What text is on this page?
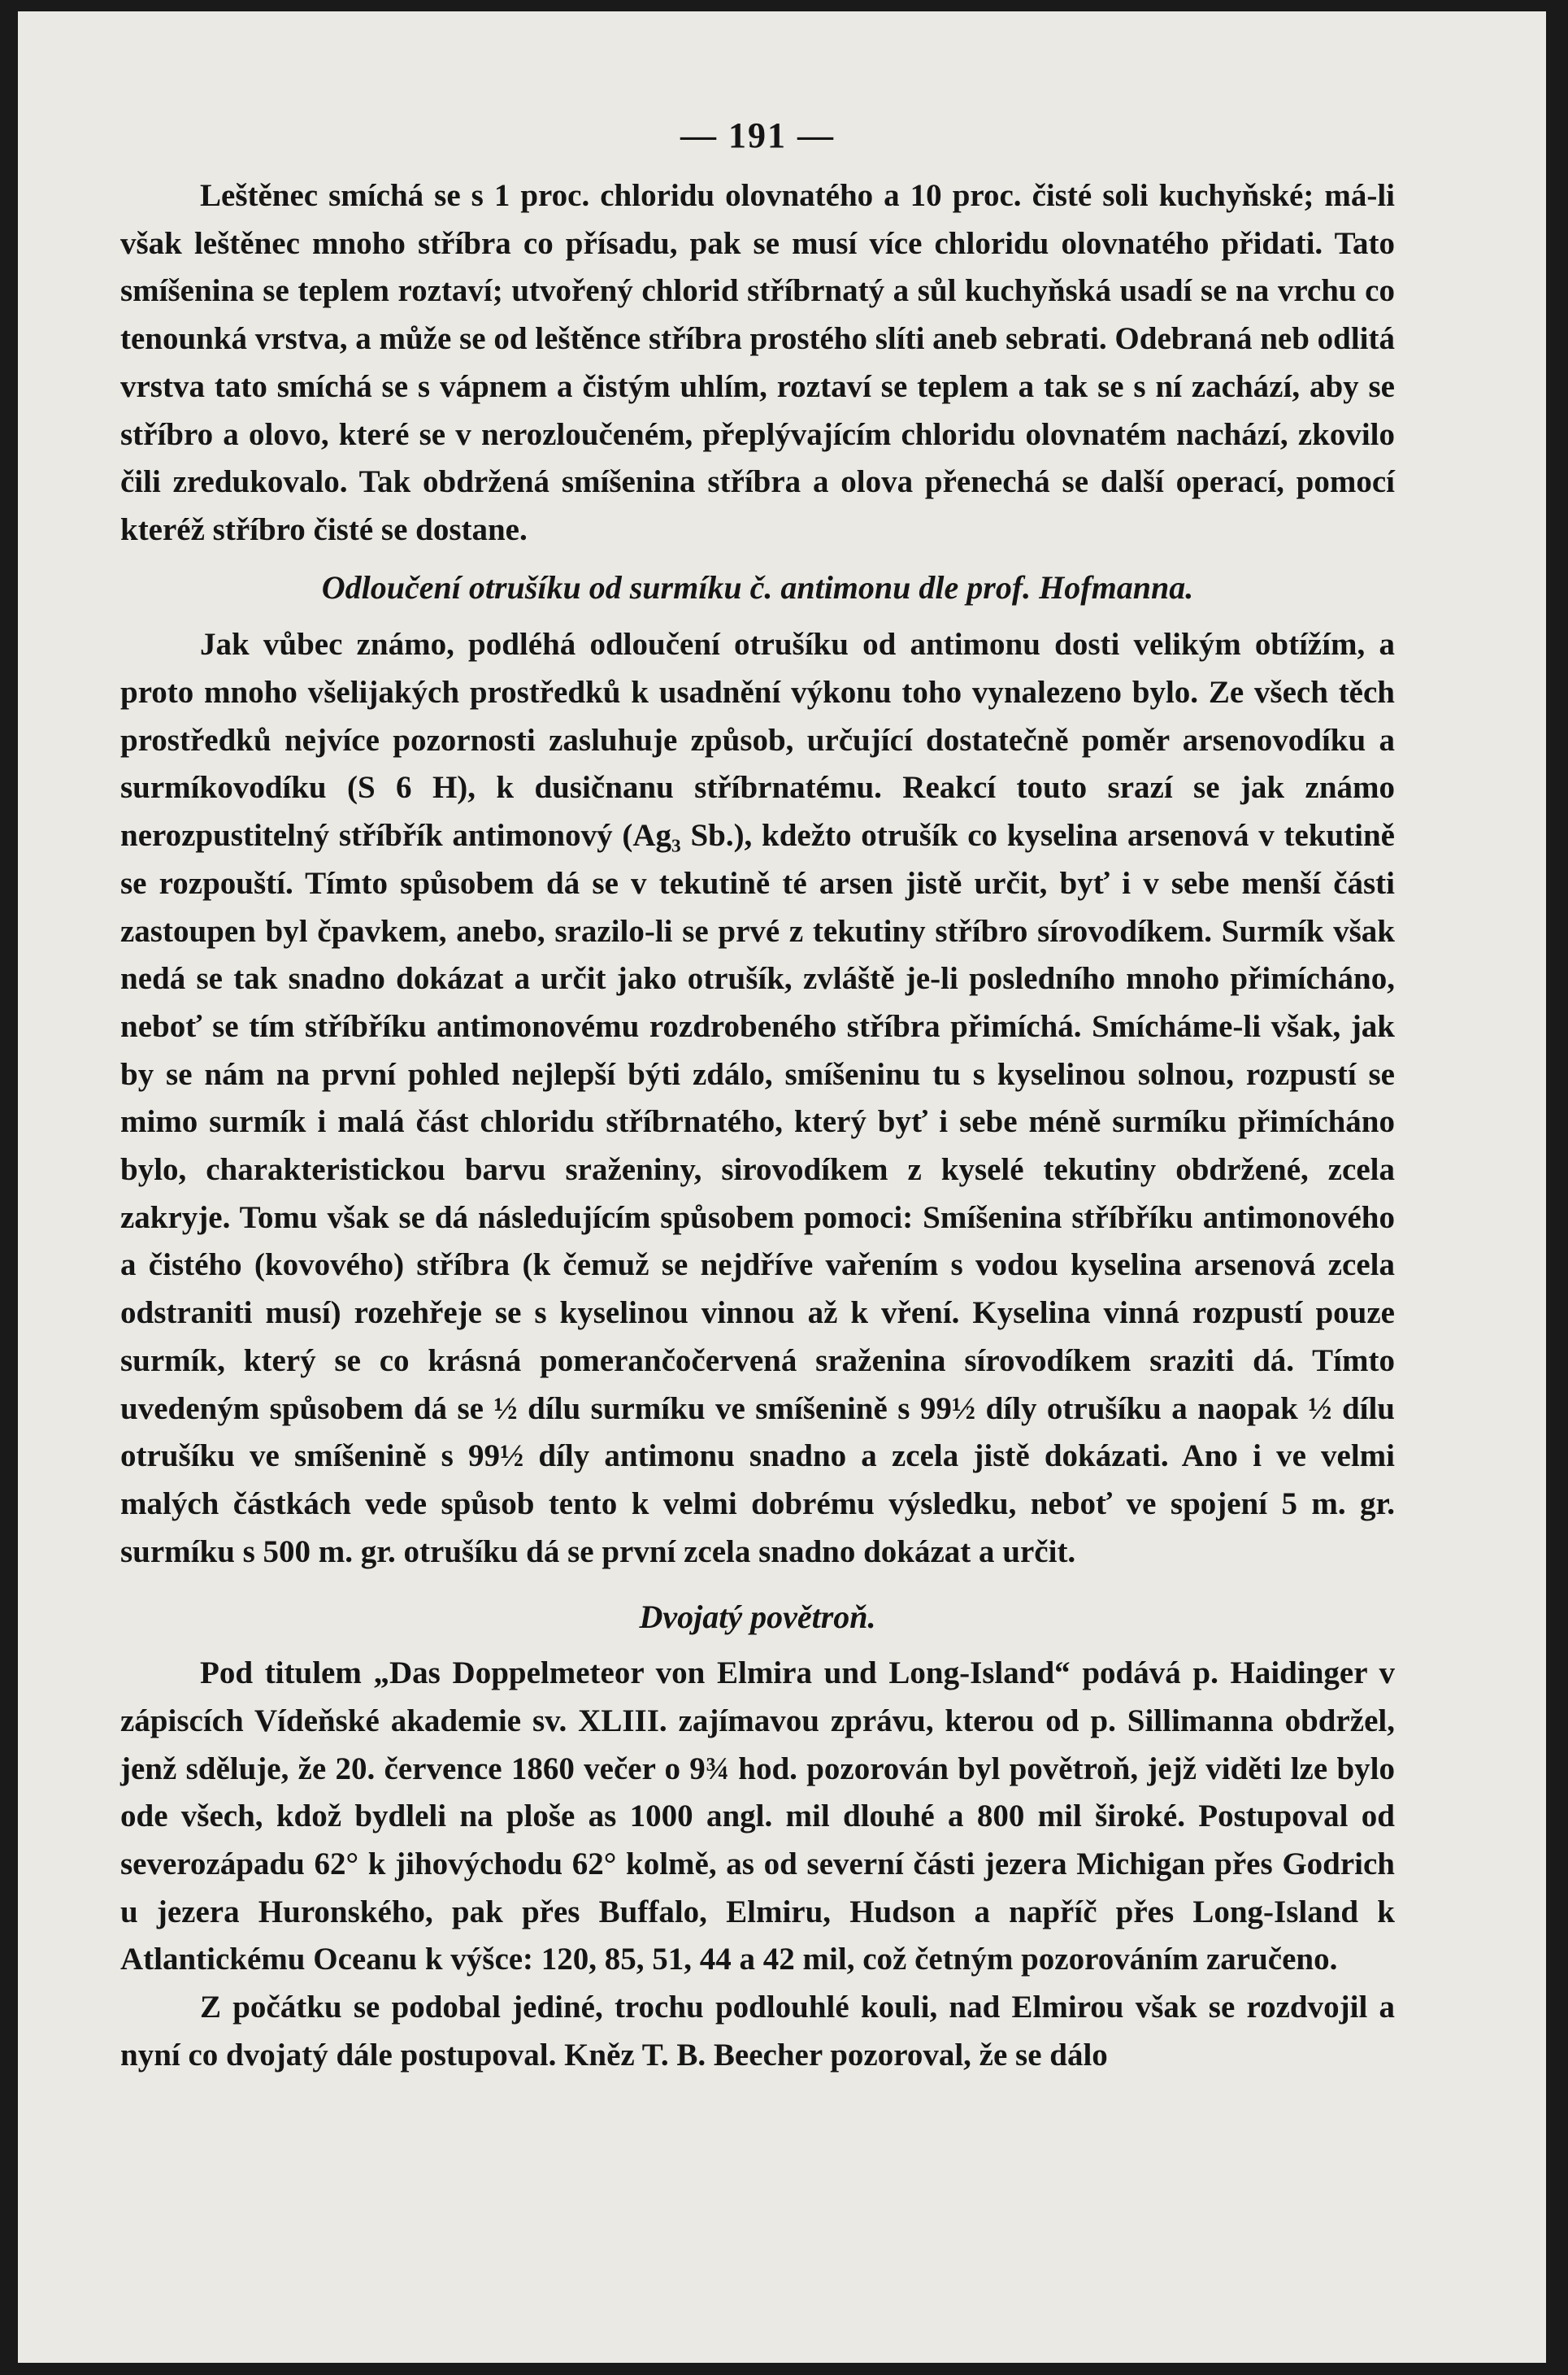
— 191 —

Leštěnec smíchá se s 1 proc. chloridu olovnatého a 10 proc. čisté soli kuchyňské; má-li však leštěnec mnoho stříbra co přísadu, pak se musí více chloridu olovnatého přidati. Tato smíšenina se teplem roztaví; utvořený chlorid stříbrnatý a sůl kuchyňská usadí se na vrchu co tenounká vrstva, a může se od leštěnce stříbra prostého slíti aneb sebrati. Odebraná neb odlitá vrstva tato smíchá se s vápnem a čistým uhlím, roztaví se teplem a tak se s ní zachází, aby se stříbro a olovo, které se v nerozloučeném, přeplývajícím chloridu olovnatém nachází, zkovilo čili zredukovalo. Tak obdržená smíšenina stříbra a olova přenechá se další operací, pomocí kteréž stříbro čisté se dostane.

Odloučení otrušíku od surmíku č. antimonu dle prof. Hofmanna.

Jak vůbec známo, podléhá odloučení otrušíku od antimonu dosti velikým obtížím, a proto mnoho všelijakých prostředků k usadnění výkonu toho vynalezeno bylo. Ze všech těch prostředků nejvíce pozornosti zasluhuje způsob, určující dostatečně poměr arsenovodíku a surmíkovodíku (S 6 H), k dusičnanu stříbrnatému. Reakcí touto srazí se jak známo nerozpustitelný stříbřík antimonový (Ag₃ Sb.), kdežto otrušík co kyselina arsenová v tekutině se rozpouští. Tímto spůsobem dá se v tekutině té arsen jistě určit, byť i v sebe menší části zastoupen byl čpavkem, anebo, srazilo-li se prvé z tekutiny stříbro sírovodíkem. Surmík však nedá se tak snadno dokázat a určit jako otrušík, zvláště je-li posledního mnoho přimícháno, neboť se tím stříbříku antimonovému rozdrobeného stříbra přimíchá. Smícháme-li však, jak by se nám na první pohled nejlepší býti zdálo, smíšeninu tu s kyselinou solnou, rozpustí se mimo surmík i malá část chloridu stříbrnatého, který byť i sebe méně surmíku přimícháno bylo, charakteristickou barvu sraženiny, sirovodíkem z kyselé tekutiny obdržené, zcela zakryje. Tomu však se dá následujícím spůsobem pomoci: Smíšenina stříbříku antimonového a čistého (kovového) stříbra (k čemuž se nejdříve vařením s vodou kyselina arsenová zcela odstraniti musí) rozehřeje se s kyselinou vinnou až k vření. Kyselina vinná rozpustí pouze surmík, který se co krásná pomerančočervená sraženina sírovodíkem sraziti dá. Tímto uvedeným spůsobem dá se ½ dílu surmíku ve smíšenině s 99½ díly otrušíku a naopak ½ dílu otrušíku ve smíšenině s 99½ díly antimonu snadno a zcela jistě dokázati. Ano i ve velmi malých částkách vede spůsob tento k velmi dobrému výsledku, neboť ve spojení 5 m. gr. surmíku s 500 m. gr. otrušíku dá se první zcela snadno dokázat a určit.

Dvojatý povětroň.

Pod titulem „Das Doppelmeteor von Elmira und Long-Island“ podává p. Haidinger v zápiscích Vídeňské akademie sv. XLIII. zajímavou zprávu, kterou od p. Sillimanna obdržel, jenž sděluje, že 20. července 1860 večer o 9¾ hod. pozorován byl povětroň, jejž viděti lze bylo ode všech, kdož bydleli na ploše as 1000 angl. mil dlouhé a 800 mil široké. Postupoval od severozápadu 62° k jihovýchodu 62° kolmě, as od severní části jezera Michigan přes Godrich u jezera Huronského, pak přes Buffalo, Elmiru, Hudson a napříč přes Long-Island k Atlantickému Oceanu k výšce: 120, 85, 51, 44 a 42 mil, což četným pozorováním zaručeno.

Z počátku se podobal jediné, trochu podlouhlé kouli, nad Elmirou však se rozdvojil a nyní co dvojatý dále postupoval. Kněz T. B. Beecher pozoroval, že se dálo
